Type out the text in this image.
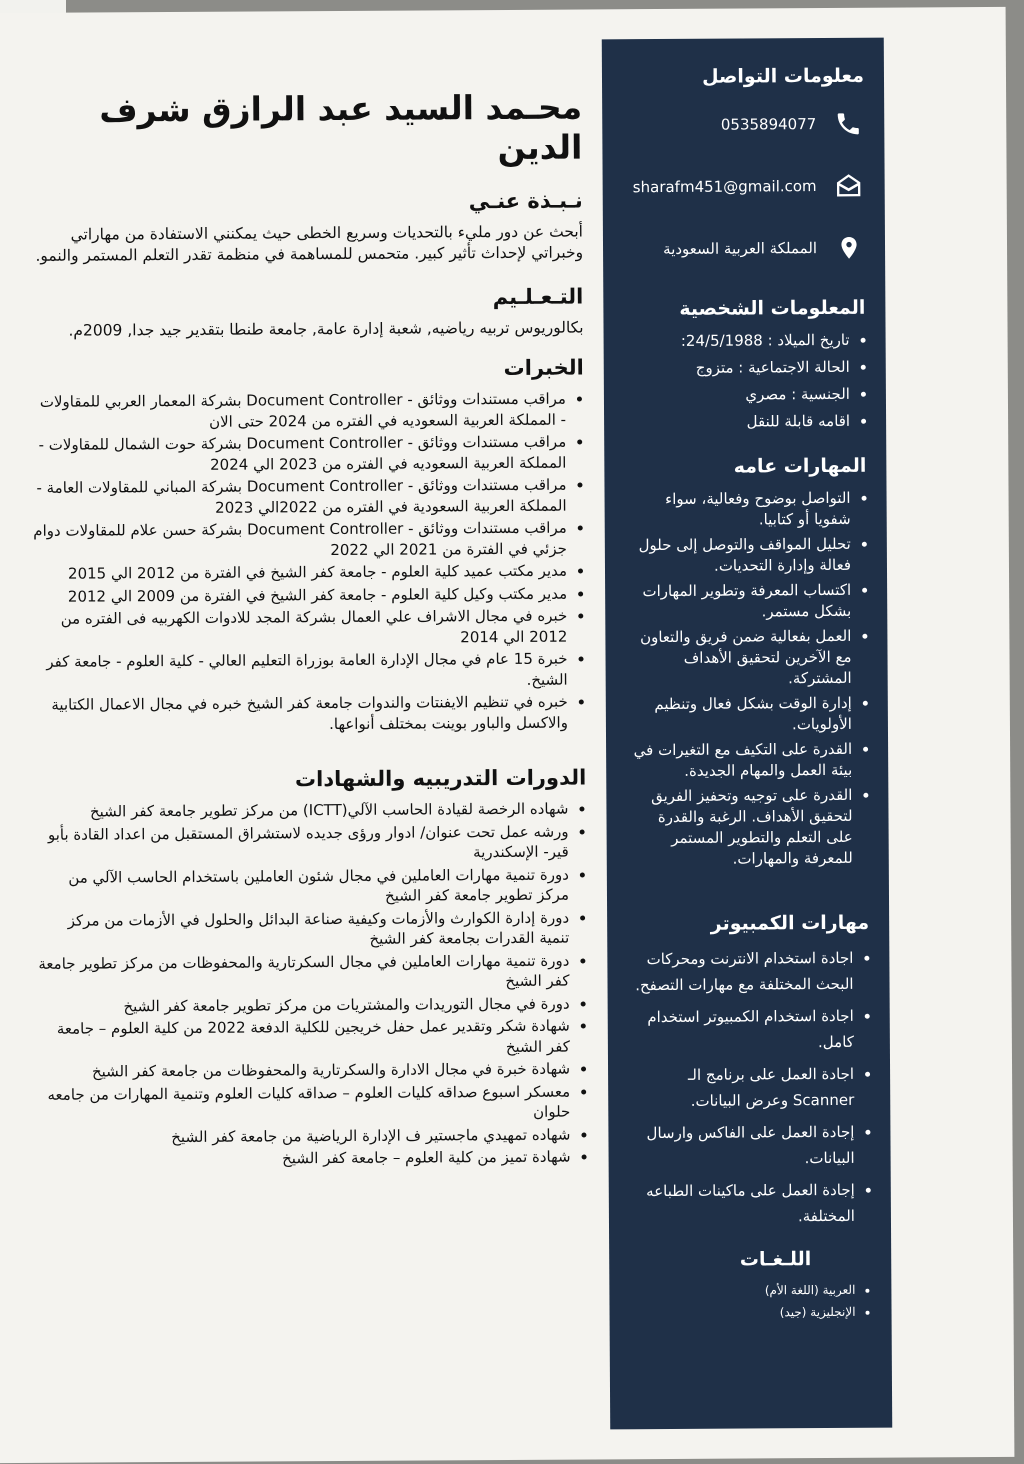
معلومات التواصل
0535894077
sharafm451@gmail.com
المملكة العربية السعودية
المعلومات الشخصية
• تاريخ الميلاد : 24/5/1988:
• الحالة الاجتماعية : متزوج
• الجنسية : مصري
• اقامه قابلة للنقل
المهارات عامه
• التواصل بوضوح وفعالية، سواء شفويا أو كتابيا.
• تحليل المواقف والتوصل إلى حلول فعالة وإدارة التحديات.
• اكتساب المعرفة وتطوير المهارات بشكل مستمر.
• العمل بفعالية ضمن فريق والتعاون مع الآخرين لتحقيق الأهداف المشتركة.
• إدارة الوقت بشكل فعال وتنظيم الأولويات.
• القدرة على التكيف مع التغيرات في بيئة العمل والمهام الجديدة.
• القدرة على توجيه وتحفيز الفريق لتحقيق الأهداف. الرغبة والقدرة على التعلم والتطوير المستمر للمعرفة والمهارات.
مهارات الكمبيوتر
• اجادة استخدام الانترنت ومحركات البحث المختلفة مع مهارات التصفح.
• اجادة استخدام الكمبيوتر استخدام كامل.
• اجادة العمل على برنامج الـ Scanner وعرض البيانات.
• إجادة العمل على الفاكس وارسال البيانات.
• إجادة العمل على ماكينات الطباعه المختلفة.
اللـغـات
• العربية (اللغة الأم)
• الإنجليزية (جيد)
محـمد السيد عبد الرازق شرف الدين
نـبـذة عنـي

أبحث عن دور مليء بالتحديات وسريع الخطى حيث يمكنني الاستفادة من مهاراتي وخبراتي لإحداث تأثير كبير. متحمس للمساهمة في منظمة تقدر التعلم المستمر والنمو.

التـعـلـيم

بكالوريوس تربيه رياضيه, شعبة إدارة عامة, جامعة طنطا بتقدير جيد جدا, 2009م.

الخبرات
• مراقب مستندات ووثائق - Document Controller بشركة المعمار العربي للمقاولات - المملكة العربية السعوديه في الفتره من 2024 حتى الان
• مراقب مستندات ووثائق - Document Controller بشركة حوت الشمال للمقاولات - المملكة العربية السعوديه في الفتره من 2023 الي 2024
• مراقب مستندات ووثائق - Document Controller بشركة المباني للمقاولات العامة - المملكة العربية السعودية في الفتره من 2022الي 2023
• مراقب مستندات ووثائق - Document Controller بشركة حسن علام للمقاولات دوام جزئي في الفترة من 2021 الي 2022
• مدير مكتب عميد كلية العلوم - جامعة كفر الشيخ في الفترة من 2012 الي 2015
• مدير مكتب وكيل كلية العلوم - جامعة كفر الشيخ في الفترة من 2009 الي 2012
• خبره في مجال الاشراف علي العمال بشركة المجد للادوات الكهربيه فى الفتره من 2012 الي 2014
• خبرة 15 عام في مجال الإدارة العامة بوزراة التعليم العالي - كلية العلوم - جامعة كفر الشيخ.
• خبره في تنظيم الايفنتات والندوات جامعة كفر الشيخ خبره في مجال الاعمال الكتابية والاكسل والباور بوينت بمختلف أنواعها.
الدورات التدريبيه والشهادات
• شهاده الرخصة لقيادة الحاسب الآلي(ICTT) من مركز تطوير جامعة كفر الشيخ
• ورشه عمل تحت عنوان/ ادوار ورؤى جديده لاستشراق المستقبل من اعداد القادة بأبو قير- الإسكندرية
• دورة تنمية مهارات العاملين في مجال شئون العاملين باستخدام الحاسب الآلي من مركز تطوير جامعة كفر الشيخ
• دورة إدارة الكوارث والأزمات وكيفية صناعة البدائل والحلول في الأزمات من مركز تنمية القدرات بجامعة كفر الشيخ
• دورة تنمية مهارات العاملين في مجال السكرتارية والمحفوظات من مركز تطوير جامعة كفر الشيخ
• دورة في مجال التوريدات والمشتريات من مركز تطوير جامعة كفر الشيخ
• شهادة شكر وتقدير عمل حفل خريجين للكلية الدفعة 2022 من كلية العلوم – جامعة كفر الشيخ
• شهادة خبرة في مجال الادارة والسكرتارية والمحفوظات من جامعة كفر الشيخ
• معسكر اسبوع صداقه كليات العلوم – صداقه كليات العلوم وتنمية المهارات من جامعه حلوان
• شهاده تمهيدي ماجستير ف الإدارة الرياضية من جامعة كفر الشيخ
• شهادة تميز من كلية العلوم – جامعة كفر الشيخ
